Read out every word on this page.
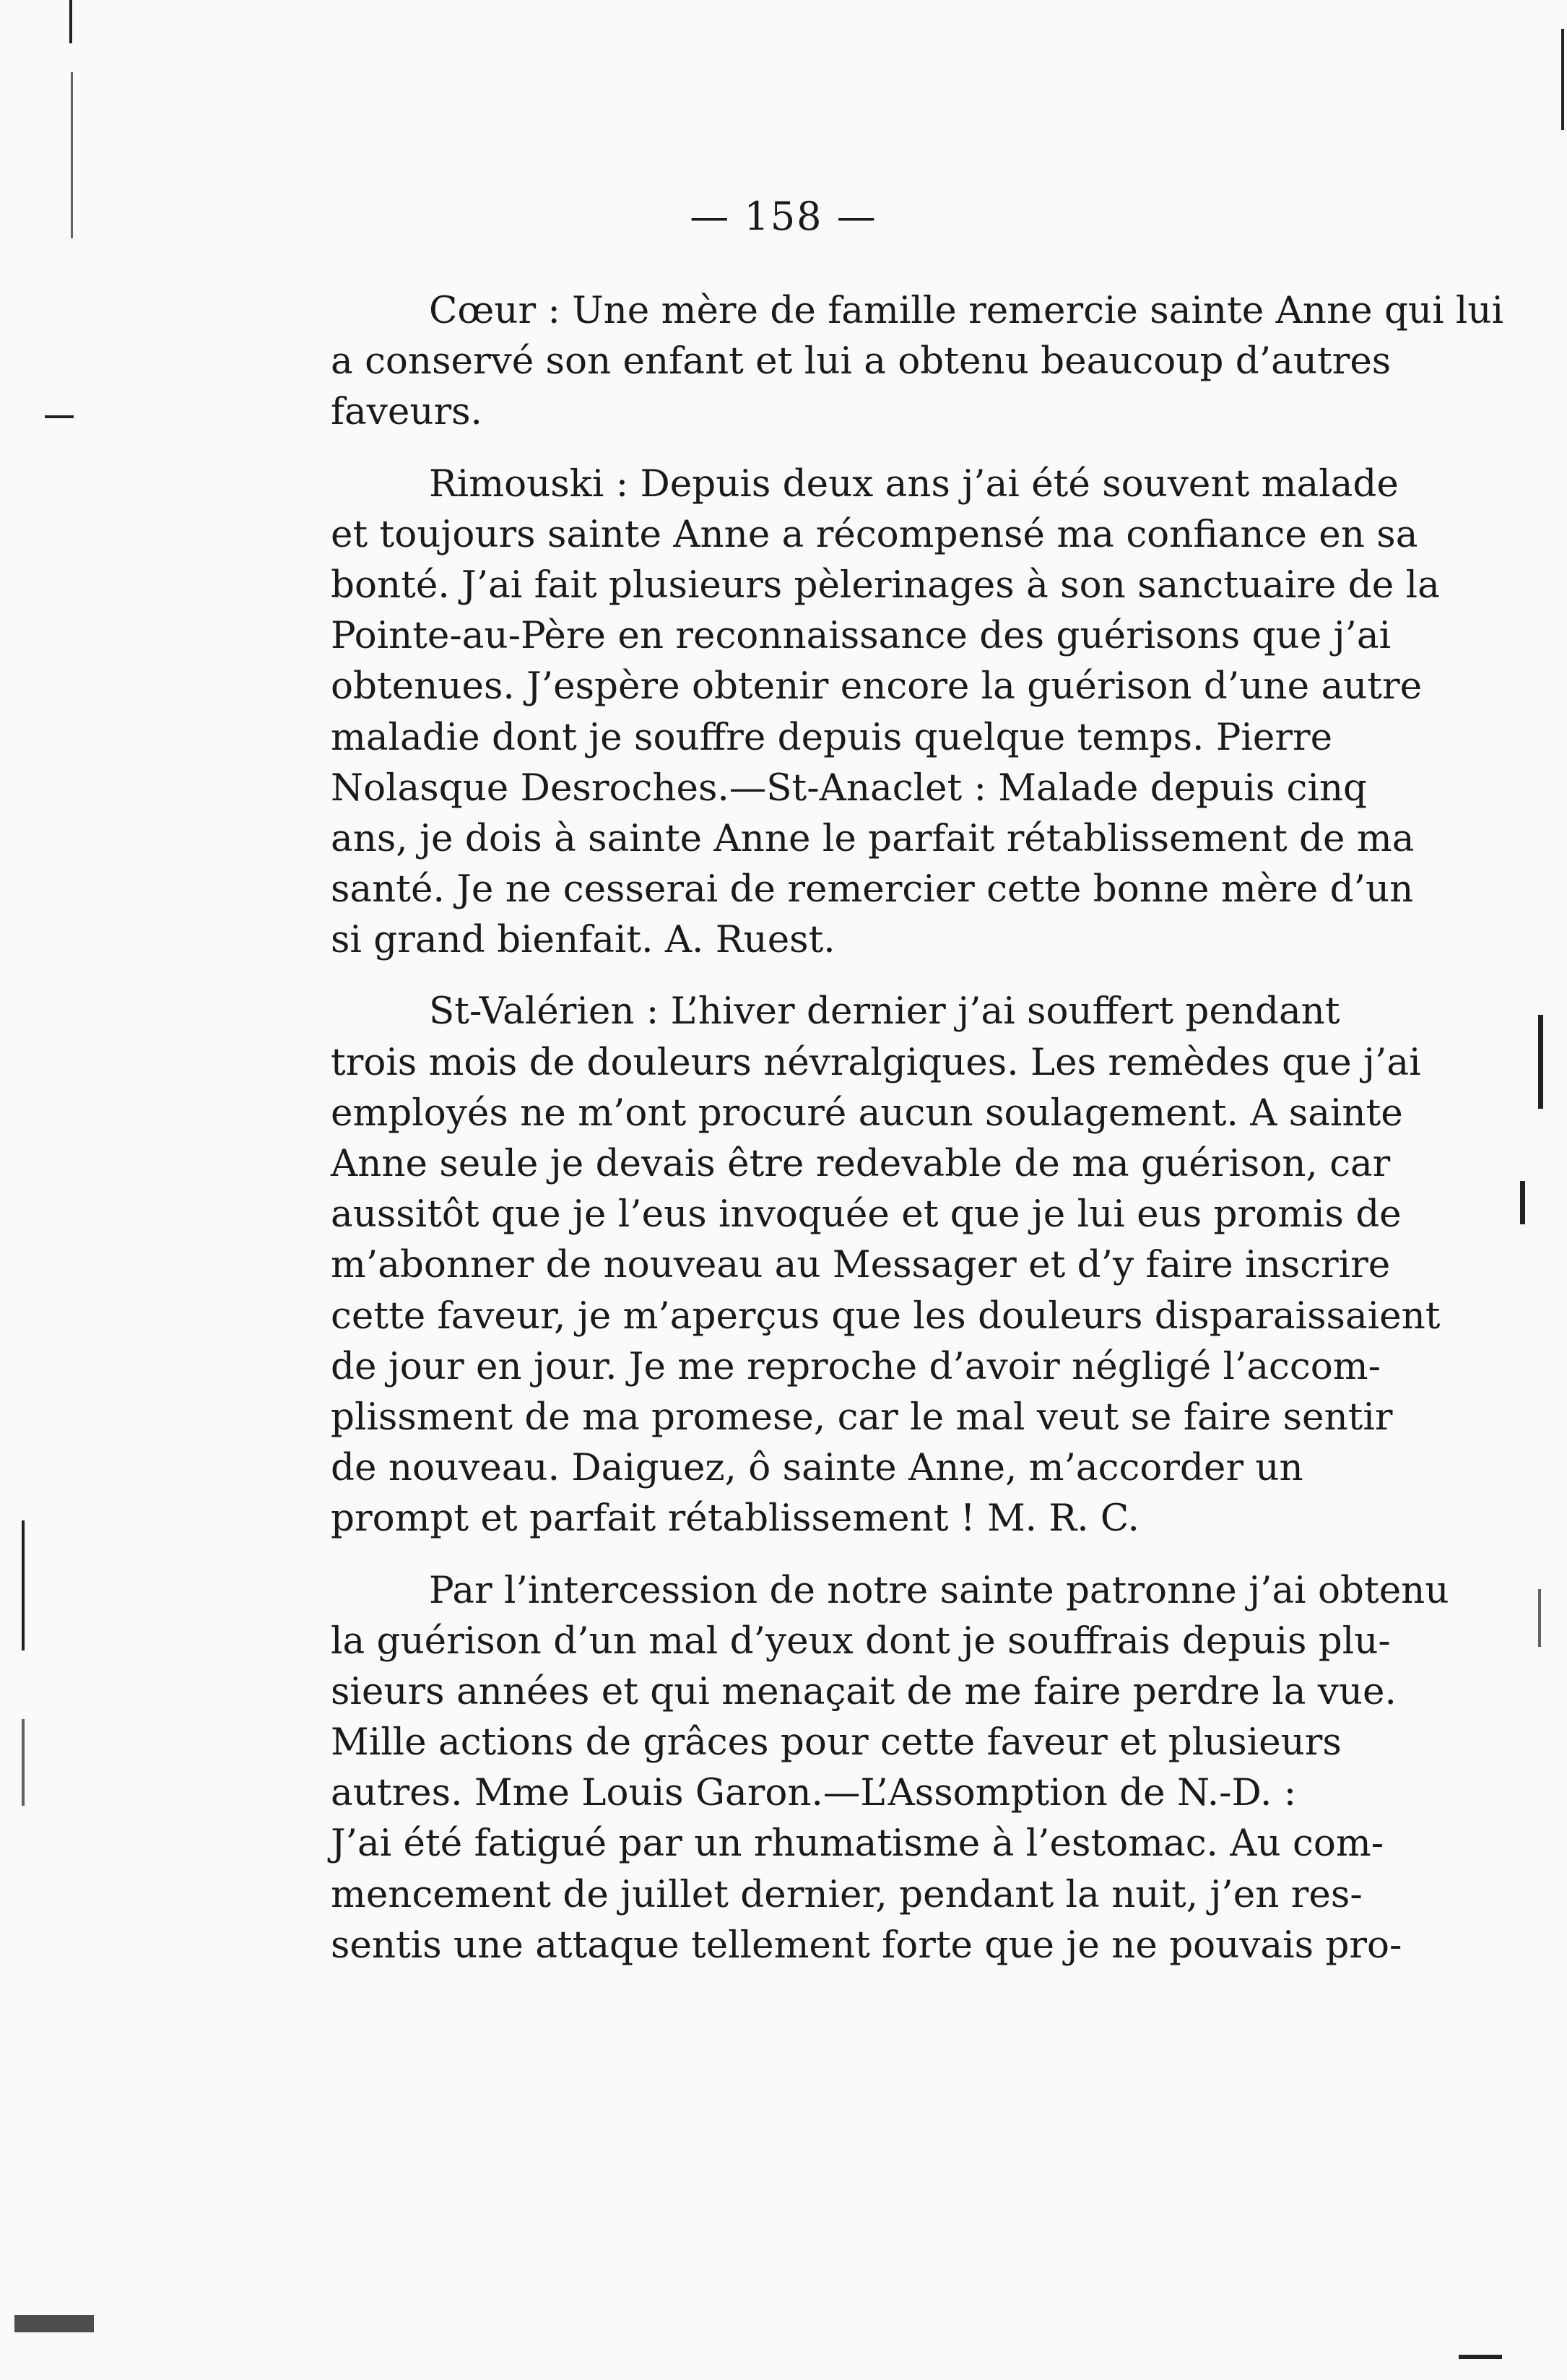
— 158 —
Cœur : Une mère de famille remercie sainte Anne qui lui
a conservé son enfant et lui a obtenu beaucoup d’autres
faveurs.
Rimouski : Depuis deux ans j’ai été souvent malade
et toujours sainte Anne a récompensé ma confiance en sa
bonté. J’ai fait plusieurs pèlerinages à son sanctuaire de la
Pointe-au-Père en reconnaissance des guérisons que j’ai
obtenues. J’espère obtenir encore la guérison d’une autre
maladie dont je souffre depuis quelque temps. Pierre
Nolasque Desroches.—St-Anaclet : Malade depuis cinq
ans, je dois à sainte Anne le parfait rétablissement de ma
santé. Je ne cesserai de remercier cette bonne mère d’un
si grand bienfait. A. Ruest.
St-Valérien : L’hiver dernier j’ai souffert pendant
trois mois de douleurs névralgiques. Les remèdes que j’ai
employés ne m’ont procuré aucun soulagement. A sainte
Anne seule je devais être redevable de ma guérison, car
aussitôt que je l’eus invoquée et que je lui eus promis de
m’abonner de nouveau au Messager et d’y faire inscrire
cette faveur, je m’aperçus que les douleurs disparaissaient
de jour en jour. Je me reproche d’avoir négligé l’accom-
plissment de ma promese, car le mal veut se faire sentir
de nouveau. Daiguez, ô sainte Anne, m’accorder un
prompt et parfait rétablissement ! M. R. C.
Par l’intercession de notre sainte patronne j’ai obtenu
la guérison d’un mal d’yeux dont je souffrais depuis plu-
sieurs années et qui menaçait de me faire perdre la vue.
Mille actions de grâces pour cette faveur et plusieurs
autres. Mme Louis Garon.—L’Assomption de N.-D. :
J’ai été fatigué par un rhumatisme à l’estomac. Au com-
mencement de juillet dernier, pendant la nuit, j’en res-
sentis une attaque tellement forte que je ne pouvais pro-
